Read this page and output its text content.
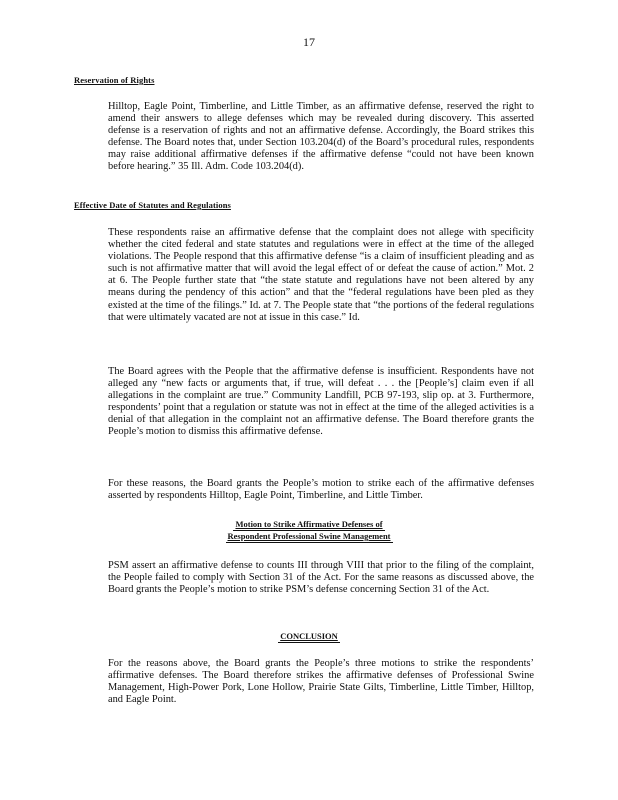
17
Reservation of Rights
Hilltop, Eagle Point, Timberline, and Little Timber, as an affirmative defense, reserved the right to amend their answers to allege defenses which may be revealed during discovery. This asserted defense is a reservation of rights and not an affirmative defense. Accordingly, the Board strikes this defense. The Board notes that, under Section 103.204(d) of the Board’s procedural rules, respondents may raise additional affirmative defenses if the affirmative defense “could not have been known before hearing.” 35 Ill. Adm. Code 103.204(d).
Effective Date of Statutes and Regulations
These respondents raise an affirmative defense that the complaint does not allege with specificity whether the cited federal and state statutes and regulations were in effect at the time of the alleged violations. The People respond that this affirmative defense “is a claim of insufficient pleading and as such is not affirmative matter that will avoid the legal effect of or defeat the cause of action.” Mot. 2 at 6. The People further state that “the state statute and regulations have not been altered by any means during the pendency of this action” and that the “federal regulations have been pled as they existed at the time of the filings.” Id. at 7. The People state that “the portions of the federal regulations that were ultimately vacated are not at issue in this case.” Id.
The Board agrees with the People that the affirmative defense is insufficient. Respondents have not alleged any “new facts or arguments that, if true, will defeat . . . the [People’s] claim even if all allegations in the complaint are true.” Community Landfill, PCB 97-193, slip op. at 3. Furthermore, respondents’ point that a regulation or statute was not in effect at the time of the alleged activities is a denial of that allegation in the complaint not an affirmative defense. The Board therefore grants the People’s motion to dismiss this affirmative defense.
For these reasons, the Board grants the People’s motion to strike each of the affirmative defenses asserted by respondents Hilltop, Eagle Point, Timberline, and Little Timber.
Motion to Strike Affirmative Defenses of
Respondent Professional Swine Management
PSM assert an affirmative defense to counts III through VIII that prior to the filing of the complaint, the People failed to comply with Section 31 of the Act. For the same reasons as discussed above, the Board grants the People’s motion to strike PSM’s defense concerning Section 31 of the Act.
CONCLUSION
For the reasons above, the Board grants the People’s three motions to strike the respondents’ affirmative defenses. The Board therefore strikes the affirmative defenses of Professional Swine Management, High-Power Pork, Lone Hollow, Prairie State Gilts, Timberline, Little Timber, Hilltop, and Eagle Point.
